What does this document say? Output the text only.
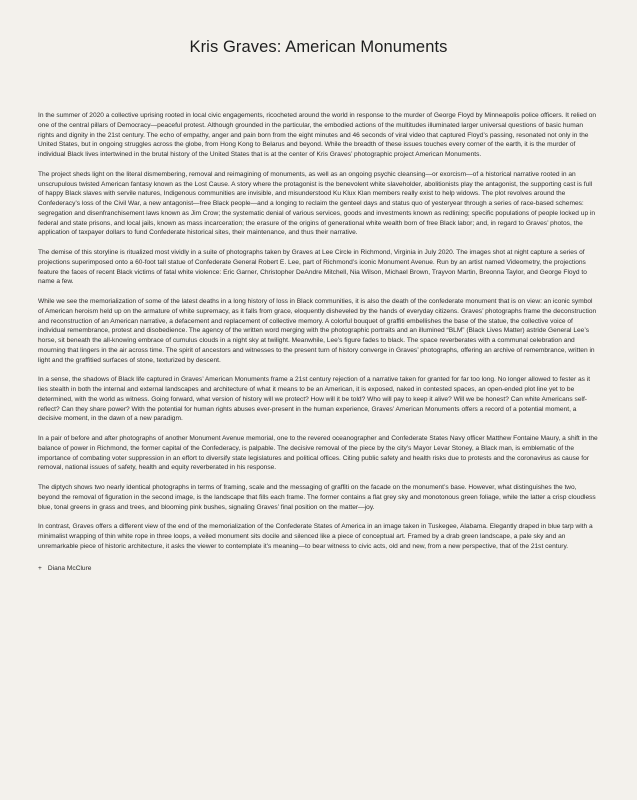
Kris Graves: American Monuments

In the summer of 2020 a collective uprising rooted in local civic engagements, ricocheted around the world in response to the murder of George Floyd by Minneapolis police officers. It relied on one of the central pillars of Democracy—peaceful protest. Although grounded in the particular, the embodied actions of the multitudes illuminated larger universal questions of basic human rights and dignity in the 21st century. The echo of empathy, anger and pain born from the eight minutes and 46 seconds of viral video that captured Floyd’s passing, resonated not only in the United States, but in ongoing struggles across the globe, from Hong Kong to Belarus and beyond. While the breadth of these issues touches every corner of the earth, it is the murder of individual Black lives intertwined in the brutal history of the United States that is at the center of Kris Graves’ photographic project American Monuments.

The project sheds light on the literal dismembering, removal and reimagining of monuments, as well as an ongoing psychic cleansing—or exorcism—of a historical narrative rooted in an unscrupulous twisted American fantasy known as the Lost Cause. A story where the protagonist is the benevolent white slaveholder, abolitionists play the antagonist, the supporting cast is full of happy Black slaves with servile natures, Indigenous communities are invisible, and misunderstood Ku Klux Klan members really exist to help widows. The plot revolves around the Confederacy’s loss of the Civil War, a new antagonist—free Black people—and a longing to reclaim the genteel days and status quo of yesteryear through a series of race-based schemes: segregation and disenfranchisement laws known as Jim Crow; the systematic denial of various services, goods and investments known as redlining; specific populations of people locked up in federal and state prisons, and local jails, known as mass incarceration; the erasure of the origins of generational white wealth born of free Black labor; and, in regard to Graves’ photos, the application of taxpayer dollars to fund Confederate historical sites, their maintenance, and thus their narrative.

The demise of this storyline is ritualized most vividly in a suite of photographs taken by Graves at Lee Circle in Richmond, Virginia in July 2020. The images shot at night capture a series of projections superimposed onto a 60-foot tall statue of Confederate General Robert E. Lee, part of Richmond’s iconic Monument Avenue. Run by an artist named Videometry, the projections feature the faces of recent Black victims of fatal white violence: Eric Garner, Christopher DeAndre Mitchell, Nia Wilson, Michael Brown, Trayvon Martin, Breonna Taylor, and George Floyd to name a few.

While we see the memorialization of some of the latest deaths in a long history of loss in Black communities, it is also the death of the confederate monument that is on view: an iconic symbol of American heroism held up on the armature of white supremacy, as it falls from grace, eloquently disheveled by the hands of everyday citizens. Graves’ photographs frame the deconstruction and reconstruction of an American narrative, a defacement and replacement of collective memory. A colorful bouquet of graffiti embellishes the base of the statue, the collective voice of individual remembrance, protest and disobedience. The agency of the written word merging with the photographic portraits and an illumined “BLM” (Black Lives Matter) astride General Lee’s horse, sit beneath the all-knowing embrace of cumulus clouds in a night sky at twilight. Meanwhile, Lee’s figure fades to black. The space reverberates with a communal celebration and mourning that lingers in the air across time. The spirit of ancestors and witnesses to the present turn of history converge in Graves’ photographs, offering an archive of remembrance, written in light and the graffitied surfaces of stone, texturized by descent.

In a sense, the shadows of Black life captured in Graves’ American Monuments frame a 21st century rejection of a narrative taken for granted for far too long. No longer allowed to fester as it lies stealth in both the internal and external landscapes and architecture of what it means to be an American, it is exposed, naked in contested spaces, an open-ended plot line yet to be determined, with the world as witness. Going forward, what version of history will we protect? How will it be told? Who will pay to keep it alive? Will we be honest? Can white Americans self-reflect? Can they share power? With the potential for human rights abuses ever-present in the human experience, Graves’ American Monuments offers a record of a potential moment, a decisive moment, in the dawn of a new paradigm.

In a pair of before and after photographs of another Monument Avenue memorial, one to the revered oceanographer and Confederate States Navy officer Matthew Fontaine Maury, a shift in the balance of power in Richmond, the former capital of the Confederacy, is palpable. The decisive removal of the piece by the city’s Mayor Levar Stoney, a Black man, is emblematic of the importance of combating voter suppression in an effort to diversify state legislatures and political offices. Citing public safety and health risks due to protests and the coronavirus as cause for removal, national issues of safety, health and equity reverberated in his response.

The diptych shows two nearly identical photographs in terms of framing, scale and the messaging of graffiti on the facade on the monument’s base. However, what distinguishes the two, beyond the removal of figuration in the second image, is the landscape that fills each frame. The former contains a flat grey sky and monotonous green foliage, while the latter a crisp cloudless blue, tonal greens in grass and trees, and blooming pink bushes, signaling Graves’ final position on the matter—joy.

In contrast, Graves offers a different view of the end of the memorialization of the Confederate States of America in an image taken in Tuskegee, Alabama. Elegantly draped in blue tarp with a minimalist wrapping of thin white rope in three loops, a veiled monument sits docile and silenced like a piece of conceptual art. Framed by a drab green landscape, a pale sky and an unremarkable piece of historic architecture, it asks the viewer to contemplate it’s meaning—to bear witness to civic acts, old and new, from a new perspective, that of the 21st century.

+ Diana McClure
